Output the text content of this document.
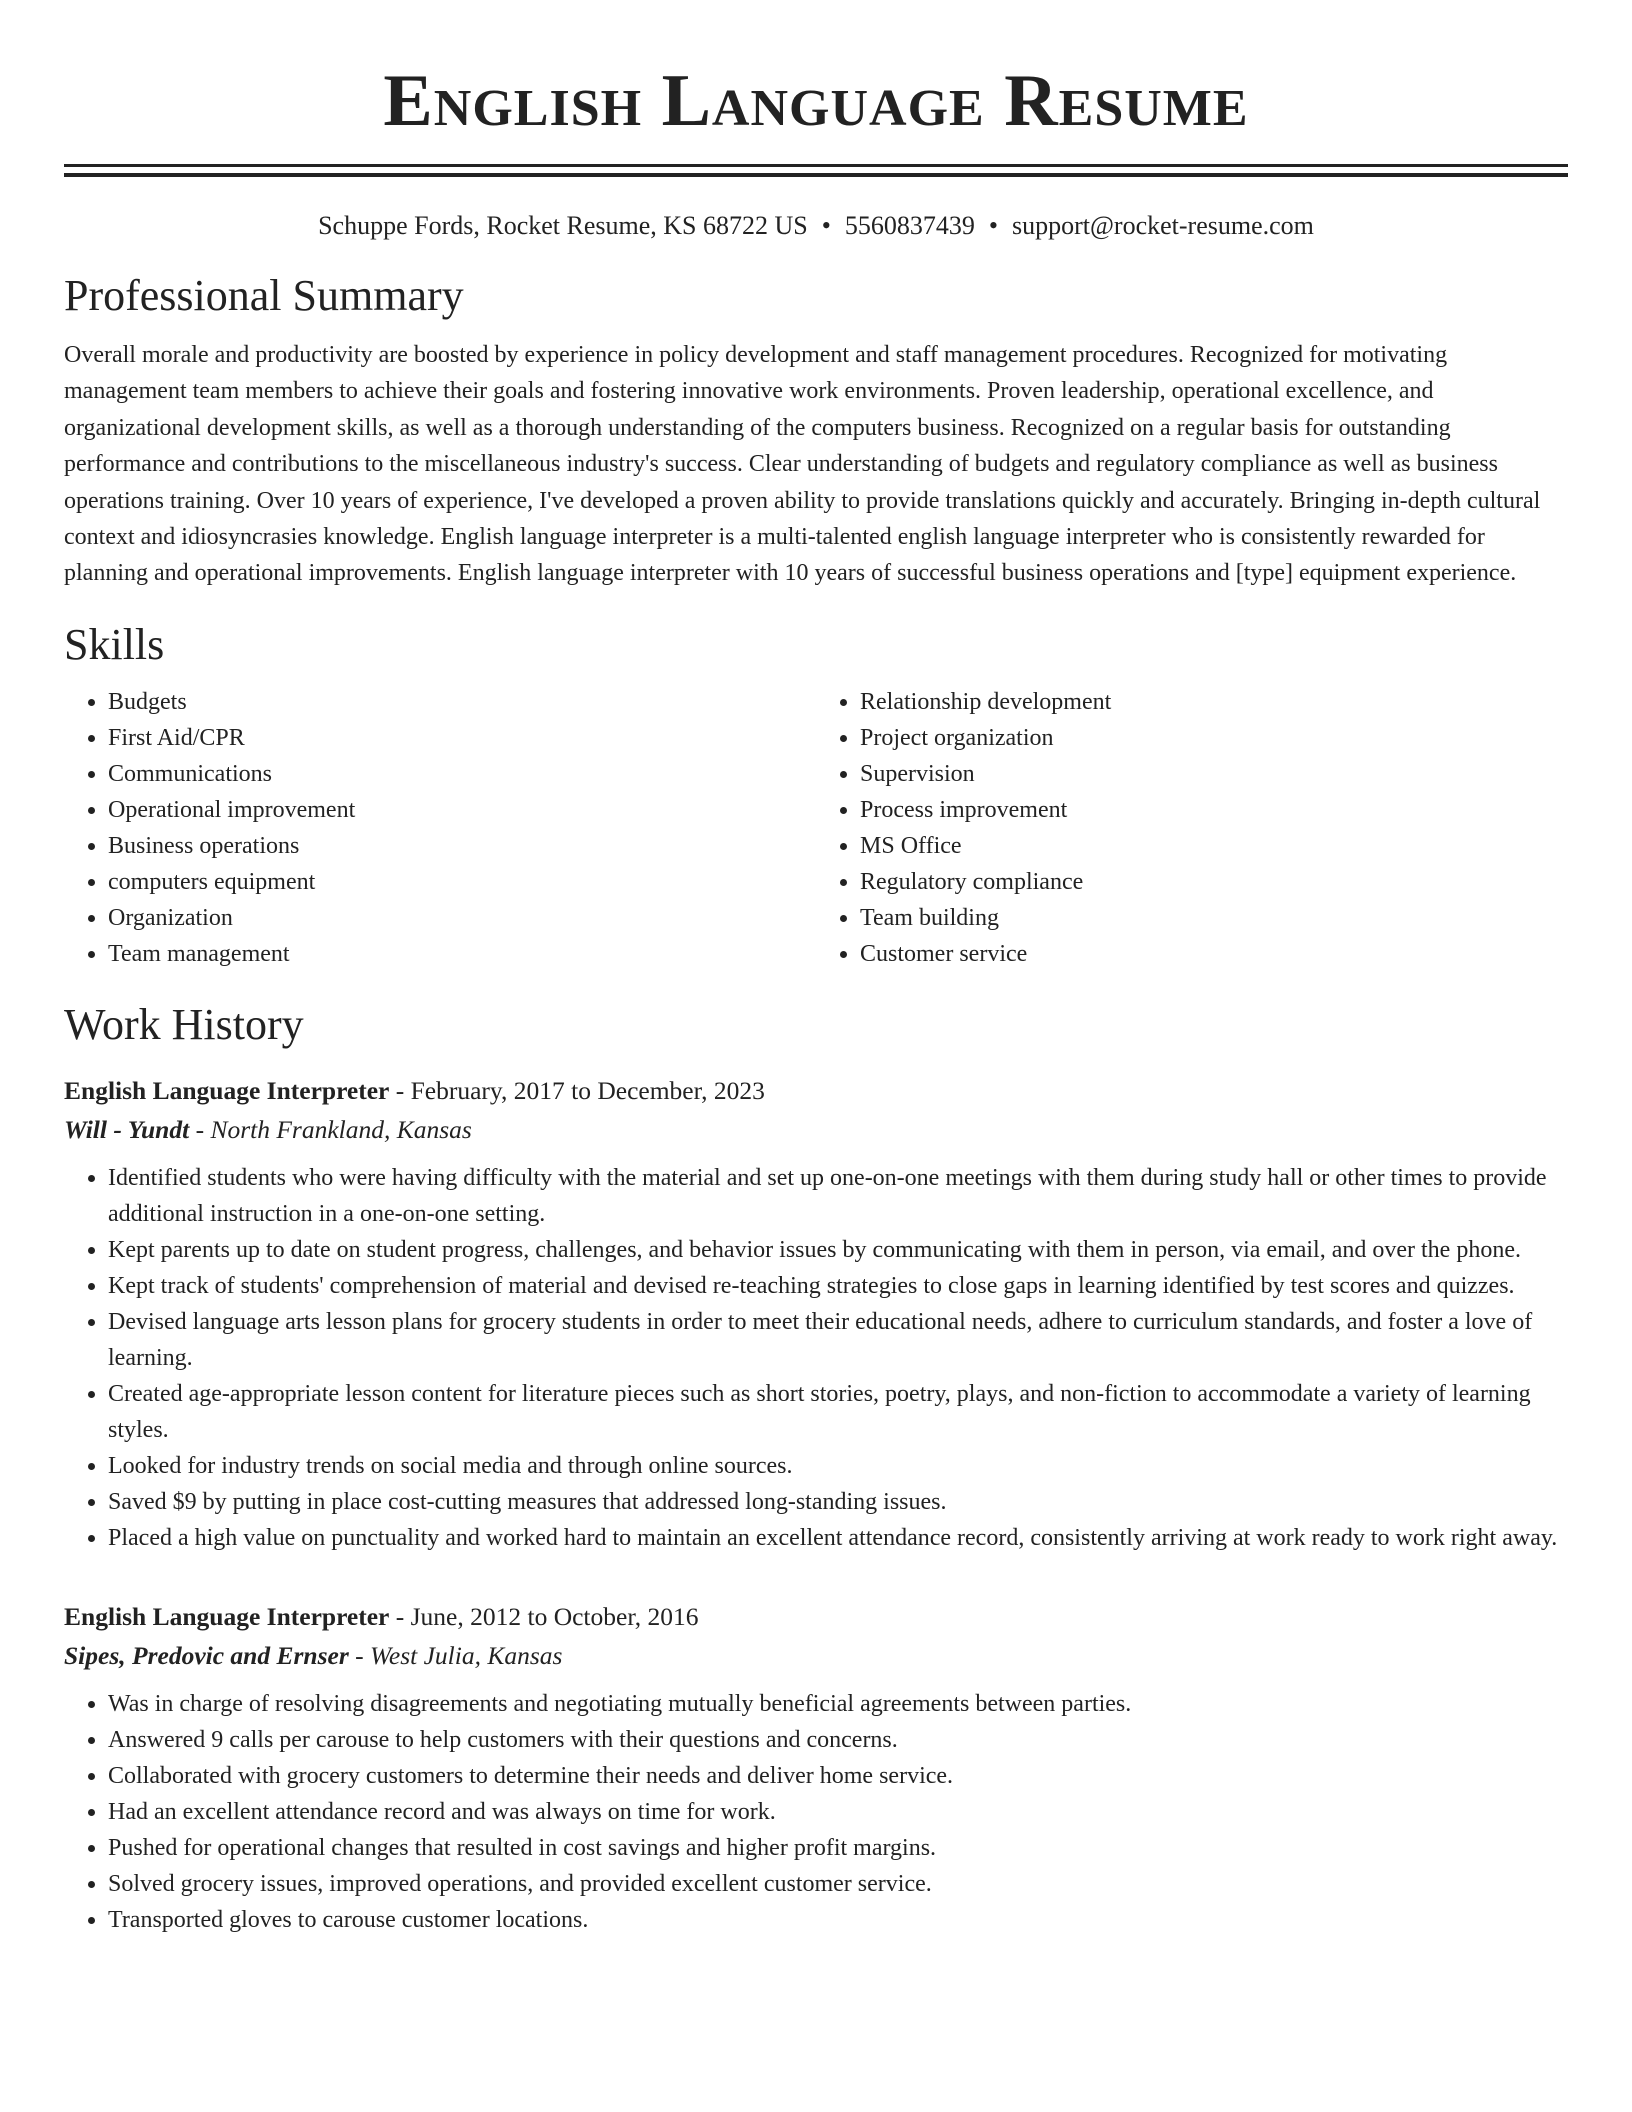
English Language Resume
Schuppe Fords, Rocket Resume, KS 68722 US • 5560837439 • support@rocket-resume.com
Professional Summary

Overall morale and productivity are boosted by experience in policy development and staff management procedures. Recognized for motivating management team members to achieve their goals and fostering innovative work environments. Proven leadership, operational excellence, and organizational development skills, as well as a thorough understanding of the computers business. Recognized on a regular basis for outstanding performance and contributions to the miscellaneous industry's success. Clear understanding of budgets and regulatory compliance as well as business operations training. Over 10 years of experience, I've developed a proven ability to provide translations quickly and accurately. Bringing in-depth cultural context and idiosyncrasies knowledge. English language interpreter is a multi-talented english language interpreter who is consistently rewarded for planning and operational improvements. English language interpreter with 10 years of successful business operations and [type] equipment experience.

Skills
• Budgets
• First Aid/CPR
• Communications
• Operational improvement
• Business operations
• computers equipment
• Organization
• Team management
• Relationship development
• Project organization
• Supervision
• Process improvement
• MS Office
• Regulatory compliance
• Team building
• Customer service
Work History
English Language Interpreter - February, 2017 to December, 2023
Will - Yundt - North Frankland, Kansas
• Identified students who were having difficulty with the material and set up one-on-one meetings with them during study hall or other times to provide additional instruction in a one-on-one setting.
• Kept parents up to date on student progress, challenges, and behavior issues by communicating with them in person, via email, and over the phone.
• Kept track of students' comprehension of material and devised re-teaching strategies to close gaps in learning identified by test scores and quizzes.
• Devised language arts lesson plans for grocery students in order to meet their educational needs, adhere to curriculum standards, and foster a love of learning.
• Created age-appropriate lesson content for literature pieces such as short stories, poetry, plays, and non-fiction to accommodate a variety of learning styles.
• Looked for industry trends on social media and through online sources.
• Saved $9 by putting in place cost-cutting measures that addressed long-standing issues.
• Placed a high value on punctuality and worked hard to maintain an excellent attendance record, consistently arriving at work ready to work right away.
English Language Interpreter - June, 2012 to October, 2016
Sipes, Predovic and Ernser - West Julia, Kansas
• Was in charge of resolving disagreements and negotiating mutually beneficial agreements between parties.
• Answered 9 calls per carouse to help customers with their questions and concerns.
• Collaborated with grocery customers to determine their needs and deliver home service.
• Had an excellent attendance record and was always on time for work.
• Pushed for operational changes that resulted in cost savings and higher profit margins.
• Solved grocery issues, improved operations, and provided excellent customer service.
• Transported gloves to carouse customer locations.
